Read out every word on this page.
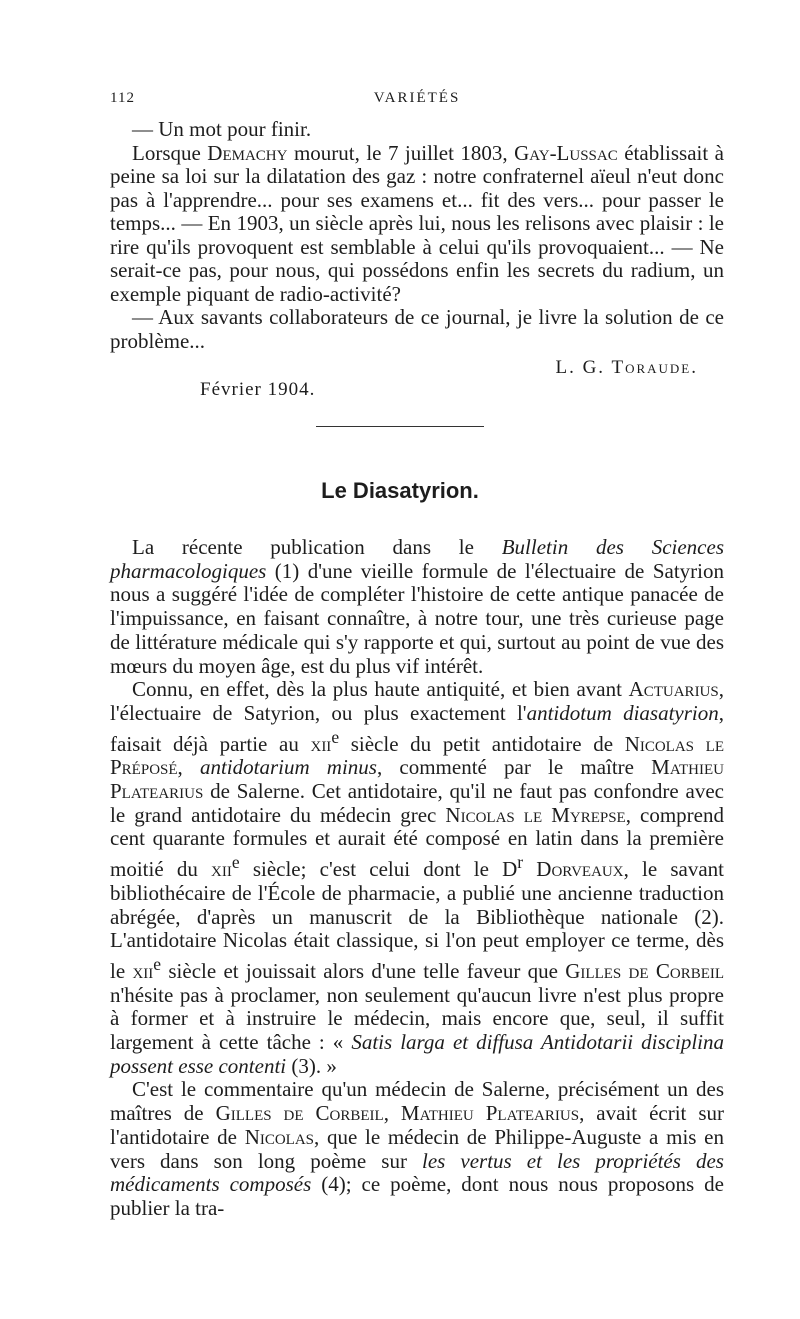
112	VARIÉTÉS

— Un mot pour finir.

Lorsque Demachy mourut, le 7 juillet 1803, Gay-Lussac établissait à peine sa loi sur la dilatation des gaz : notre confraternel aïeul n'eut donc pas à l'apprendre... pour ses examens et... fit des vers... pour passer le temps... — En 1903, un siècle après lui, nous les relisons avec plaisir : le rire qu'ils provoquent est semblable à celui qu'ils provoquaient... — Ne serait-ce pas, pour nous, qui possédons enfin les secrets du radium, un exemple piquant de radio-activité?

— Aux savants collaborateurs de ce journal, je livre la solution de ce problème...

L. G. Toraude.
Février 1904.
Le Diasatyrion.

La récente publication dans le Bulletin des Sciences pharmacologiques (1) d'une vieille formule de l'électuaire de Satyrion nous a suggéré l'idée de compléter l'histoire de cette antique panacée de l'impuissance, en faisant connaître, à notre tour, une très curieuse page de littérature médicale qui s'y rapporte et qui, surtout au point de vue des mœurs du moyen âge, est du plus vif intérêt.

Connu, en effet, dès la plus haute antiquité, et bien avant Actuarius, l'électuaire de Satyrion, ou plus exactement l'antidotum diasatyrion, faisait déjà partie au xii$^e$ siècle du petit antidotaire de Nicolas le Préposé, antidotarium minus, commenté par le maître Mathieu Platearius de Salerne. Cet antidotaire, qu'il ne faut pas confondre avec le grand antidotaire du médecin grec Nicolas le Myrepse, comprend cent quarante formules et aurait été composé en latin dans la première moitié du xii$^e$ siècle; c'est celui dont le $D^r$ Dorveaux, le savant bibliothécaire de l'École de pharmacie, a publié une ancienne traduction abrégée, d'après un manuscrit de la Bibliothèque nationale (2). L'antidotaire Nicolas était classique, si l'on peut employer ce terme, dès le xii$^e$ siècle et jouissait alors d'une telle faveur que Gilles de Corbeil n'hésite pas à proclamer, non seulement qu'aucun livre n'est plus propre à former et à instruire le médecin, mais encore que, seul, il suffit largement à cette tâche : « Satis larga et diffusa Antidotarii disciplina possent esse contenti (3). »

C'est le commentaire qu'un médecin de Salerne, précisément un des maîtres de Gilles de Corbeil, Mathieu Platearius, avait écrit sur l'antidotaire de Nicolas, que le médecin de Philippe-Auguste a mis en vers dans son long poème sur les vertus et les propriétés des médicaments composés (4); ce poème, dont nous nous proposons de publier la tra-
